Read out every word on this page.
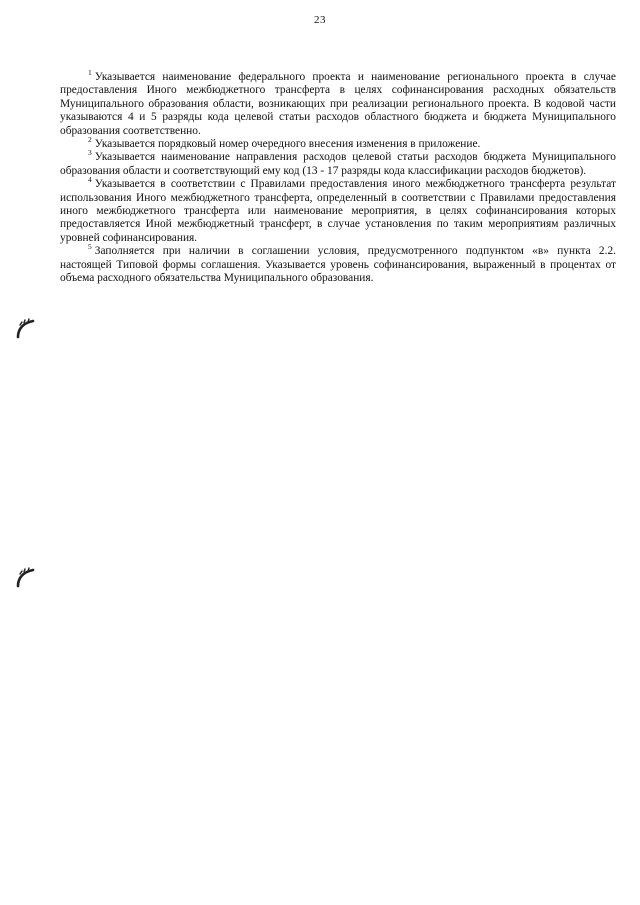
23

$^1$ Указывается наименование федерального проекта и наименование регионального проекта в случае предоставления Иного межбюджетного трансферта в целях софинансирования расходных обязательств Муниципального образования области, возникающих при реализации регионального проекта. В кодовой части указываются 4 и 5 разряды кода целевой статьи расходов областного бюджета и бюджета Муниципального образования соответственно.

$^2$ Указывается порядковый номер очередного внесения изменения в приложение.

$^3$ Указывается наименование направления расходов целевой статьи расходов бюджета Муниципального образования области и соответствующий ему код (13 - 17 разряды кода классификации расходов бюджетов).

$^4$ Указывается в соответствии с Правилами предоставления иного межбюджетного трансферта результат использования Иного межбюджетного трансферта, определенный в соответствии с Правилами предоставления иного межбюджетного трансферта или наименование мероприятия, в целях софинансирования которых предоставляется Иной межбюджетный трансферт, в случае установления по таким мероприятиям различных уровней софинансирования.

$^5$ Заполняется при наличии в соглашении условия, предусмотренного подпунктом «в» пункта 2.2. настоящей Типовой формы соглашения. Указывается уровень софинансирования, выраженный в процентах от объема расходного обязательства Муниципального образования.
